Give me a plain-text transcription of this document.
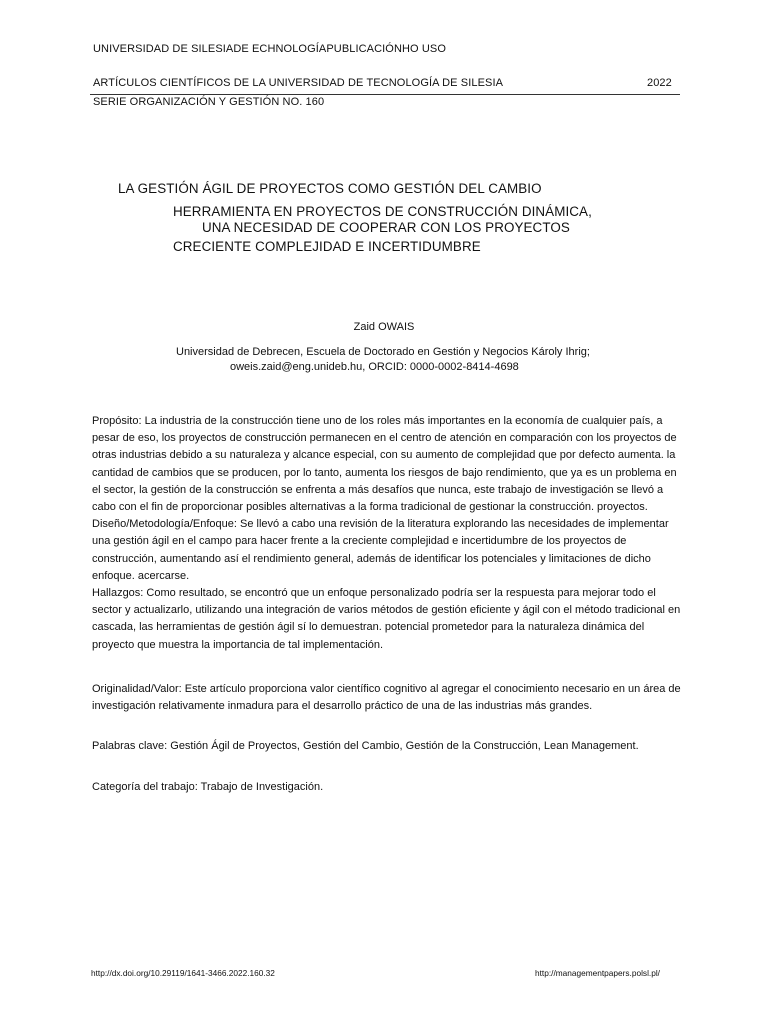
UNIVERSIDAD DE SILESIADE ECHNOLOGÍAPUBLICACIÓNHO USO
ARTÍCULOS CIENTÍFICOS DE LA UNIVERSIDAD DE TECNOLOGÍA DE SILESIA	2022
SERIE ORGANIZACIÓN Y GESTIÓN NO. 160
LA GESTIÓN ÁGIL DE PROYECTOS COMO GESTIÓN DEL CAMBIO
HERRAMIENTA EN PROYECTOS DE CONSTRUCCIÓN DINÁMICA,
UNA NECESIDAD DE COOPERAR CON LOS PROYECTOS
CRECIENTE COMPLEJIDAD E INCERTIDUMBRE
Zaid OWAIS
Universidad de Debrecen, Escuela de Doctorado en Gestión y Negocios Károly Ihrig;
oweis.zaid@eng.unideb.hu, ORCID: 0000-0002-8414-4698

Propósito: La industria de la construcción tiene uno de los roles más importantes en la economía de cualquier país, a pesar de eso, los proyectos de construcción permanecen en el centro de atención en comparación con los proyectos de otras industrias debido a su naturaleza y alcance especial, con su aumento de complejidad que por defecto aumenta. la cantidad de cambios que se producen, por lo tanto, aumenta los riesgos de bajo rendimiento, que ya es un problema en el sector, la gestión de la construcción se enfrenta a más desafíos que nunca, este trabajo de investigación se llevó a cabo con el fin de proporcionar posibles alternativas a la forma tradicional de gestionar la construcción. proyectos.

Diseño/Metodología/Enfoque: Se llevó a cabo una revisión de la literatura explorando las necesidades de implementar una gestión ágil en el campo para hacer frente a la creciente complejidad e incertidumbre de los proyectos de construcción, aumentando así el rendimiento general, además de identificar los potenciales y limitaciones de dicho enfoque. acercarse.

Hallazgos: Como resultado, se encontró que un enfoque personalizado podría ser la respuesta para mejorar todo el sector y actualizarlo, utilizando una integración de varios métodos de gestión eficiente y ágil con el método tradicional en cascada, las herramientas de gestión ágil sí lo demuestran. potencial prometedor para la naturaleza dinámica del proyecto que muestra la importancia de tal implementación.

Originalidad/Valor: Este artículo proporciona valor científico cognitivo al agregar el conocimiento necesario en un área de investigación relativamente inmadura para el desarrollo práctico de una de las industrias más grandes.

Palabras clave: Gestión Ágil de Proyectos, Gestión del Cambio, Gestión de la Construcción, Lean Management.

Categoría del trabajo: Trabajo de Investigación.

http://dx.doi.org/10.29119/1641-3466.2022.160.32	http://managementpapers.polsl.pl/
